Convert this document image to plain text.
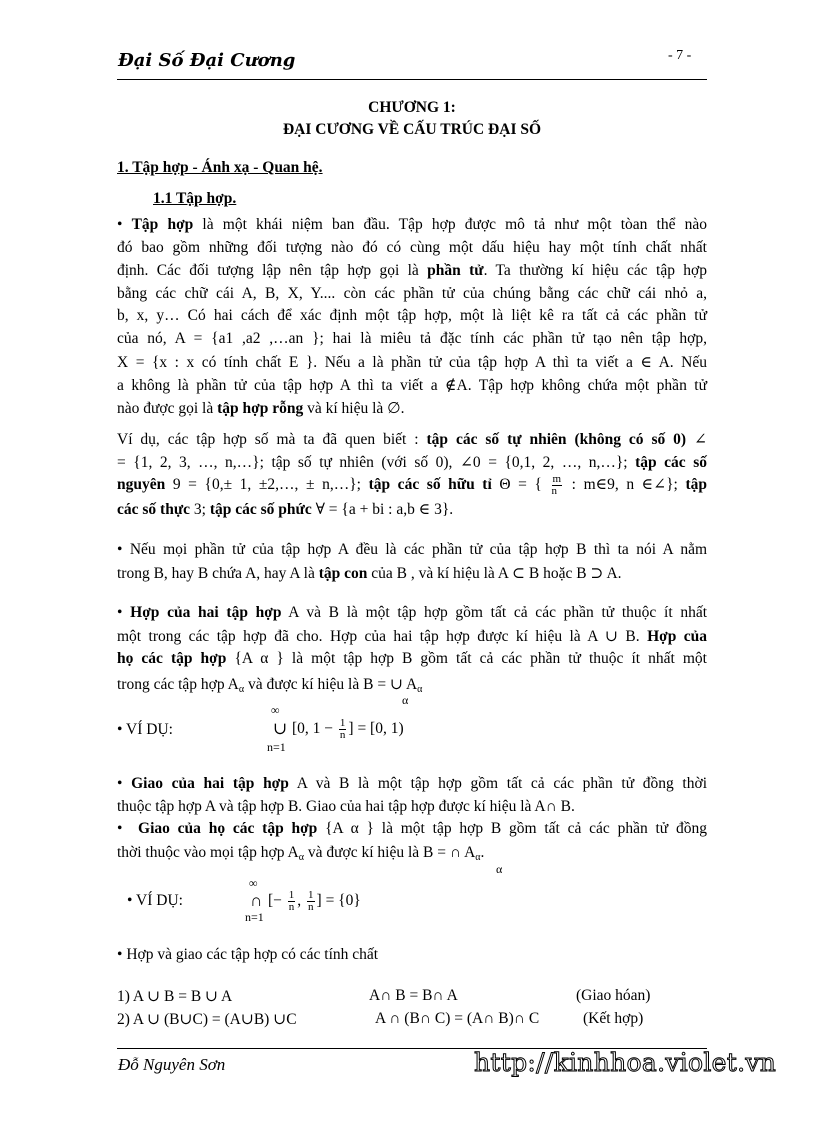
Đại Số Đại Cương	- 7 -
CHƯƠNG 1:
ĐẠI CƯƠNG VỀ CẤU TRÚC ĐẠI SỐ
1. Tập hợp - Ánh xạ - Quan hệ.
1.1 Tập hợp.
• Tập hợp là một khái niệm ban đầu. Tập hợp được mô tả như một tòan thể nào
đó bao gồm những đối tượng nào đó có cùng một dấu hiệu hay một tính chất nhất
định. Các đối tượng lập nên tập hợp gọi là phần tử. Ta thường kí hiệu các tập hợp
bằng các chữ cái A, B, X, Y.... còn các phần tử của chúng bằng các chữ cái nhỏ a,
b, x, y… Có hai cách để xác định một tập hợp, một là liệt kê ra tất cả các phần tử
của nó, A = {a1 ,a2 ,…an }; hai là miêu tả đặc tính các phần tử tạo nên tập hợp,
X = {x : x có tính chất E }. Nếu a là phần tử của tập hợp A thì ta viết a ∈ A. Nếu
a không là phần tử của tập hợp A thì ta viết a ∉A. Tập hợp không chứa một phần tử
nào được gọi là tập hợp rỗng và kí hiệu là ∅.
Ví dụ, các tập hợp số mà ta đã quen biết : tập các số tự nhiên (không có số 0) ∠
= {1, 2, 3, …, n,…}; tập số tự nhiên (với số 0), ∠0 = {0,1, 2, …, n,…}; tập các số
nguyên 9 = {0,± 1, ±2,…, ± n,…}; tập các số hữu tỉ Θ = { $\frac{m}{n}$ : m∈9, n ∈∠}; tập
các số thực 3; tập các số phức ∀ = {a + bi : a,b ∈ 3}.
• Nếu mọi phần tử của tập hợp A đều là các phần tử của tập hợp B thì ta nói A nằm
trong B, hay B chứa A, hay A là tập con của B , và kí hiệu là A ⊂ B hoặc B ⊃ A.
• Hợp của hai tập hợp A và B là một tập hợp gồm tất cả các phần tử thuộc ít nhất
một trong các tập hợp đã cho. Hợp của hai tập hợp được kí hiệu là A ∪ B. Hợp của
họ các tập hợp {A α } là một tập hợp B gồm tất cả các phần tử thuộc ít nhất một
trong các tập hợp $A_\alpha$ và được kí hiệu là B = ∪ $A_\alpha$
α
• VÍ DỤ:
∞
∪
n=1
[0, $1 - \frac{1}{n}$ ] = [0, 1)
• Giao của hai tập hợp A và B là một tập hợp gồm tất cả các phần tử đồng thời
thuộc tập hợp A và tập hợp B. Giao của hai tập hợp được kí hiệu là A∩ B.
• Giao của họ các tập hợp {A α } là một tập hợp B gồm tất cả các phần tử đồng
thời thuộc vào mọi tập hợp $A_\alpha$ và được kí hiệu là B = ∩ $A_\alpha$.
α
• VÍ DỤ:
∞
∩
n=1
[− $\frac{1}{n}$ , $\frac{1}{n}$ ] = {0}
• Hợp và giao các tập hợp có các tính chất
1) A ∪ B = B ∪ A	A∩ B = B∩ A	(Giao hóan)
2) A ∪ (B∪C) = (A∪B) ∪C	A ∩ (B∩ C) = (A∩ B)∩ C	(Kết hợp)
Đỗ Nguyên Sơn	http://kinhhoa.violet.vn
